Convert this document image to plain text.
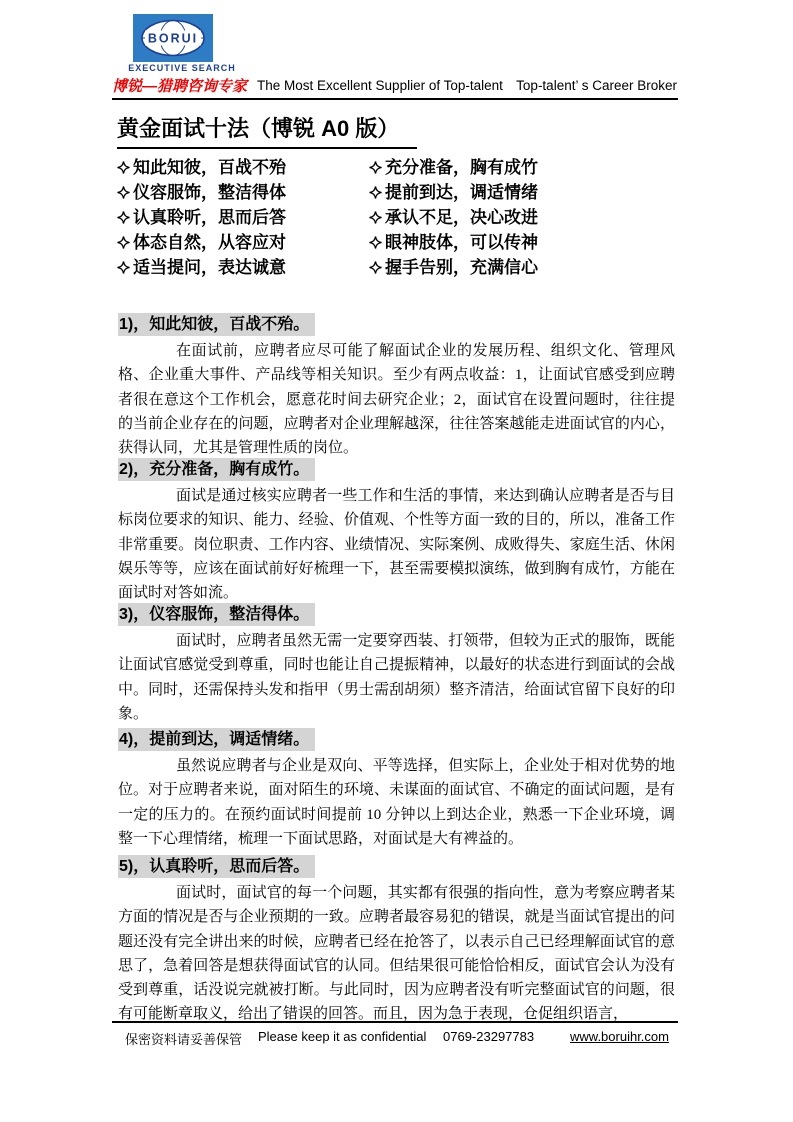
BORUI
EXECUTIVE SEARCH
博锐—猎聘咨询专家 The Most Excellent Supplier of Top-talent Top-talent’ s Career Broker
黄金面试十法（博锐 A0 版）
知此知彼，百战不殆	充分准备，胸有成竹
仪容服饰，整洁得体	提前到达，调适情绪
认真聆听，思而后答	承认不足，决心改进
体态自然，从容应对	眼神肢体，可以传神
适当提问，表达诚意	握手告别，充满信心
1)，知此知彼，百战不殆。

在面试前，应聘者应尽可能了解面试企业的发展历程、组织文化、管理风格、企业重大事件、产品线等相关知识。至少有两点收益：1，让面试官感受到应聘者很在意这个工作机会，愿意花时间去研究企业；2，面试官在设置问题时，往往提的当前企业存在的问题，应聘者对企业理解越深，往往答案越能走进面试官的内心，获得认同，尤其是管理性质的岗位。

2)，充分准备，胸有成竹。

面试是通过核实应聘者一些工作和生活的事情，来达到确认应聘者是否与目标岗位要求的知识、能力、经验、价值观、个性等方面一致的目的，所以，准备工作非常重要。岗位职责、工作内容、业绩情况、实际案例、成败得失、家庭生活、休闲娱乐等等，应该在面试前好好梳理一下，甚至需要模拟演练，做到胸有成竹，方能在面试时对答如流。

3)，仪容服饰，整洁得体。

面试时，应聘者虽然无需一定要穿西装、打领带，但较为正式的服饰，既能让面试官感觉受到尊重，同时也能让自己提振精神，以最好的状态进行到面试的会战中。同时，还需保持头发和指甲（男士需刮胡须）整齐清洁，给面试官留下良好的印象。

4)，提前到达，调适情绪。

虽然说应聘者与企业是双向、平等选择，但实际上，企业处于相对优势的地位。对于应聘者来说，面对陌生的环境、未谋面的面试官、不确定的面试问题，是有一定的压力的。在预约面试时间提前 10 分钟以上到达企业，熟悉一下企业环境，调整一下心理情绪，梳理一下面试思路，对面试是大有裨益的。

5)，认真聆听，思而后答。

面试时，面试官的每一个问题，其实都有很强的指向性，意为考察应聘者某方面的情况是否与企业预期的一致。应聘者最容易犯的错误，就是当面试官提出的问题还没有完全讲出来的时候，应聘者已经在抢答了，以表示自己已经理解面试官的意思了，急着回答是想获得面试官的认同。但结果很可能恰恰相反，面试官会认为没有受到尊重，话没说完就被打断。与此同时，因为应聘者没有听完整面试官的问题，很有可能断章取义，给出了错误的回答。而且，因为急于表现，仓促组织语言，

保密资料请妥善保管 Please keep it as confidential 0769-23297783	www.boruihr.com
